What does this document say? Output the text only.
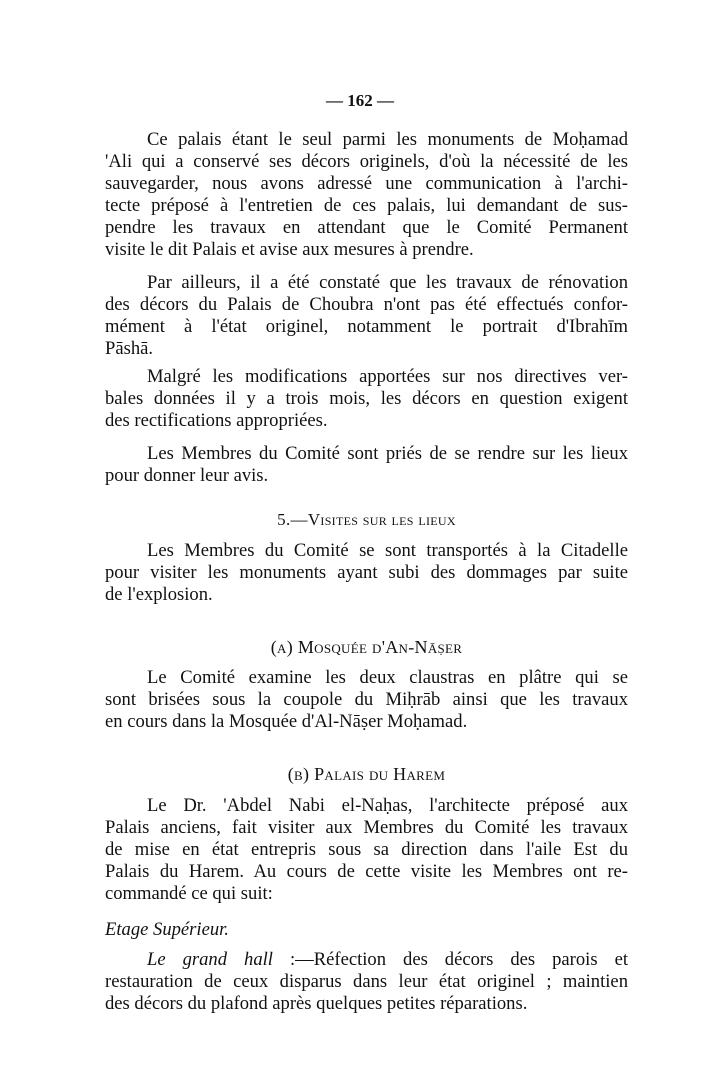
— 162 —
Ce palais étant le seul parmi les monuments de Moḥamad
'Ali qui a conservé ses décors originels, d'où la nécessité de les
sauvegarder, nous avons adressé une communication à l'archi-
tecte préposé à l'entretien de ces palais, lui demandant de sus-
pendre les travaux en attendant que le Comité Permanent
visite le dit Palais et avise aux mesures à prendre.
Par ailleurs, il a été constaté que les travaux de rénovation
des décors du Palais de Choubra n'ont pas été effectués confor-
mément à l'état originel, notamment le portrait d'Ibrahīm
Pāshā.
Malgré les modifications apportées sur nos directives ver-
bales données il y a trois mois, les décors en question exigent
des rectifications appropriées.
Les Membres du Comité sont priés de se rendre sur les lieux
pour donner leur avis.
5.—Visites sur les lieux
Les Membres du Comité se sont transportés à la Citadelle
pour visiter les monuments ayant subi des dommages par suite
de l'explosion.
(a) Mosquée d'An-Nāṣer
Le Comité examine les deux claustras en plâtre qui se
sont brisées sous la coupole du Miḥrāb ainsi que les travaux
en cours dans la Mosquée d'Al-Nāṣer Moḥamad.
(b) Palais du Harem
Le Dr. 'Abdel Nabi el-Naḥas, l'architecte préposé aux
Palais anciens, fait visiter aux Membres du Comité les travaux
de mise en état entrepris sous sa direction dans l'aile Est du
Palais du Harem. Au cours de cette visite les Membres ont re-
commandé ce qui suit:
Etage Supérieur.
Le grand hall :—Réfection des décors des parois et
restauration de ceux disparus dans leur état originel ; maintien
des décors du plafond après quelques petites réparations.
